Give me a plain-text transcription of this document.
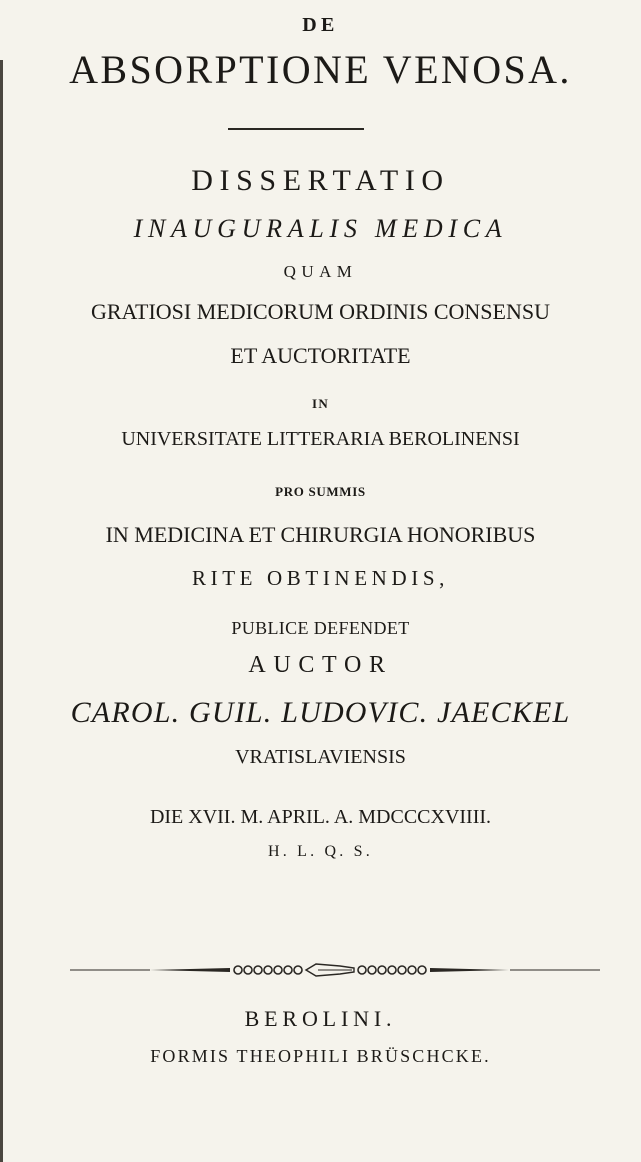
DE
ABSORPTIONE VENOSA.
DISSERTATIO
INAUGURALIS MEDICA
QUAM
GRATIOSI MEDICORUM ORDINIS CONSENSU
ET AUCTORITATE
IN
UNIVERSITATE LITTERARIA BEROLINENSI
PRO SUMMIS
IN MEDICINA ET CHIRURGIA HONORIBUS
RITE OBTINENDIS,
PUBLICE DEFENDET
AUCTOR
CAROL. GUIL. LUDOVIC. JAECKEL
VRATISLAVIENSIS
DIE XVII. M. APRIL. A. MDCCCXVIIII.
H. L. Q. S.
BEROLINI.
FORMIS THEOPHILI BRÜSCHCKE.
